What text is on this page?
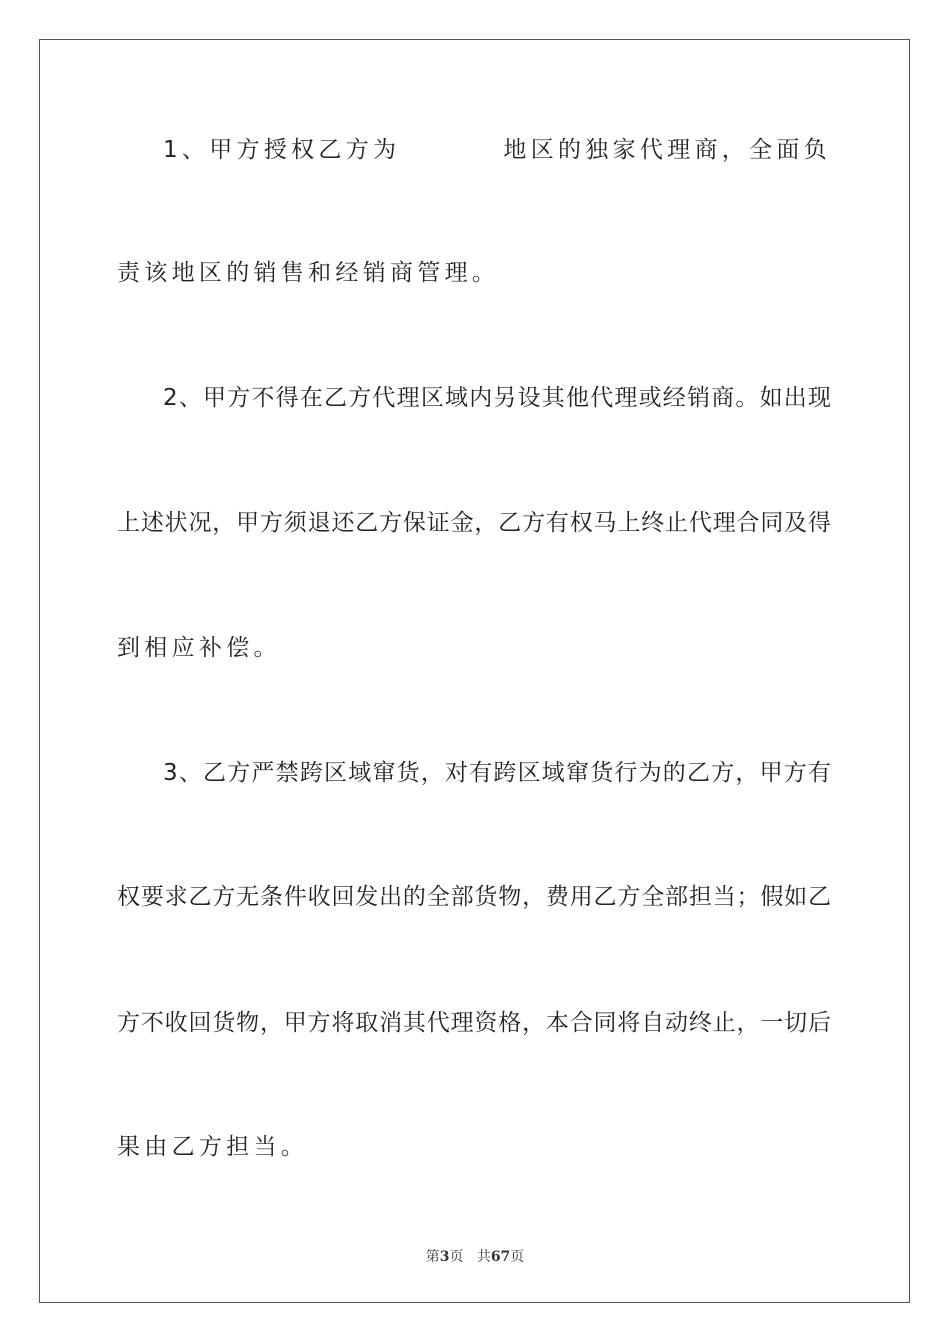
1、甲方授权乙方为	地区的独家代理商，全面负
责该地区的销售和经销商管理。
2、甲方不得在乙方代理区域内另设其他代理或经销商。如出现
上述状况，甲方须退还乙方保证金，乙方有权马上终止代理合同及得
到相应补偿。
3、乙方严禁跨区域窜货，对有跨区域窜货行为的乙方，甲方有
权要求乙方无条件收回发出的全部货物，费用乙方全部担当；假如乙
方不收回货物，甲方将取消其代理资格，本合同将自动终止，一切后
果由乙方担当。
第3页 共67页
